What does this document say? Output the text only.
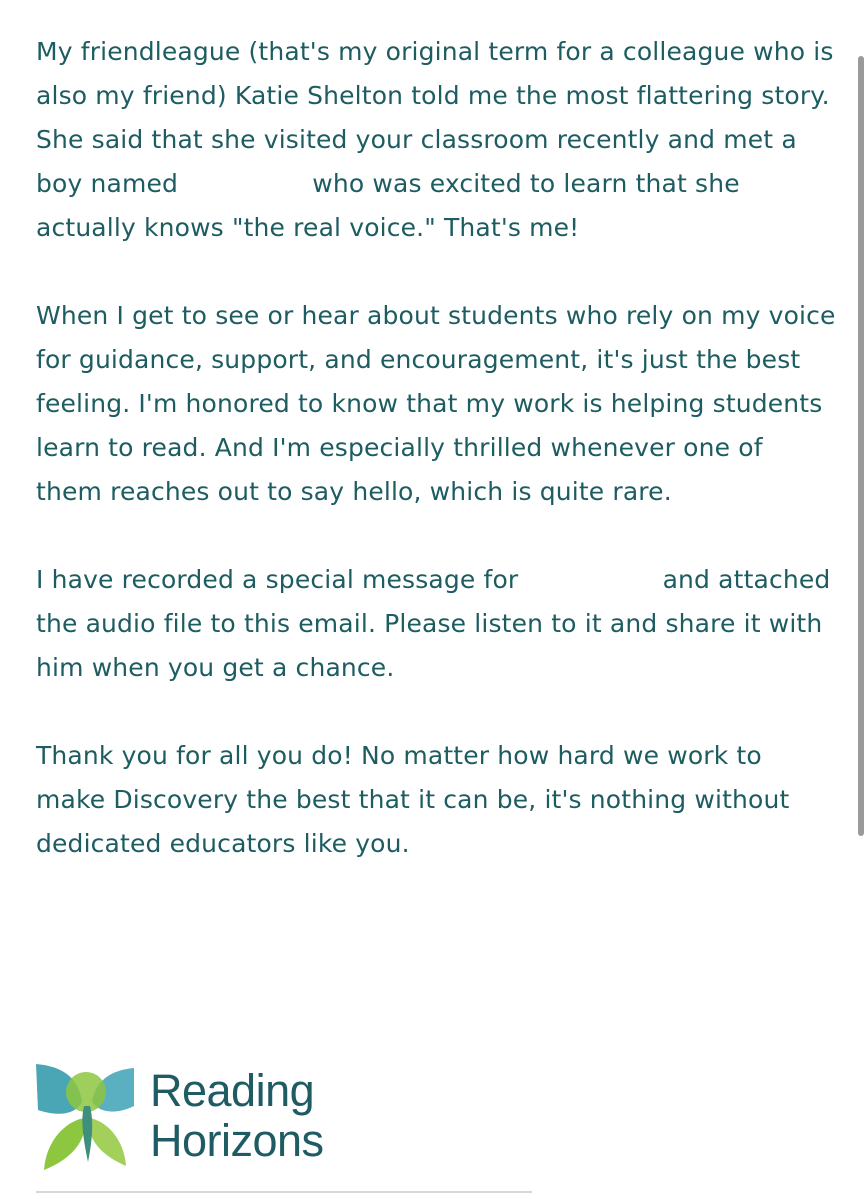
My friendleague (that's my original term for a colleague who is also my friend) Katie Shelton told me the most flattering story. She said that she visited your classroom recently and met a boy named	who was excited to learn that she actually knows "the real voice." That's me!

When I get to see or hear about students who rely on my voice for guidance, support, and encouragement, it's just the best feeling. I'm honored to know that my work is helping students learn to read. And I'm especially thrilled whenever one of them reaches out to say hello, which is quite rare.

I have recorded a special message for	and attached the audio file to this email. Please listen to it and share it with him when you get a chance.

Thank you for all you do! No matter how hard we work to make Discovery the best that it can be, it's nothing without dedicated educators like you.

Reading
Horizons
